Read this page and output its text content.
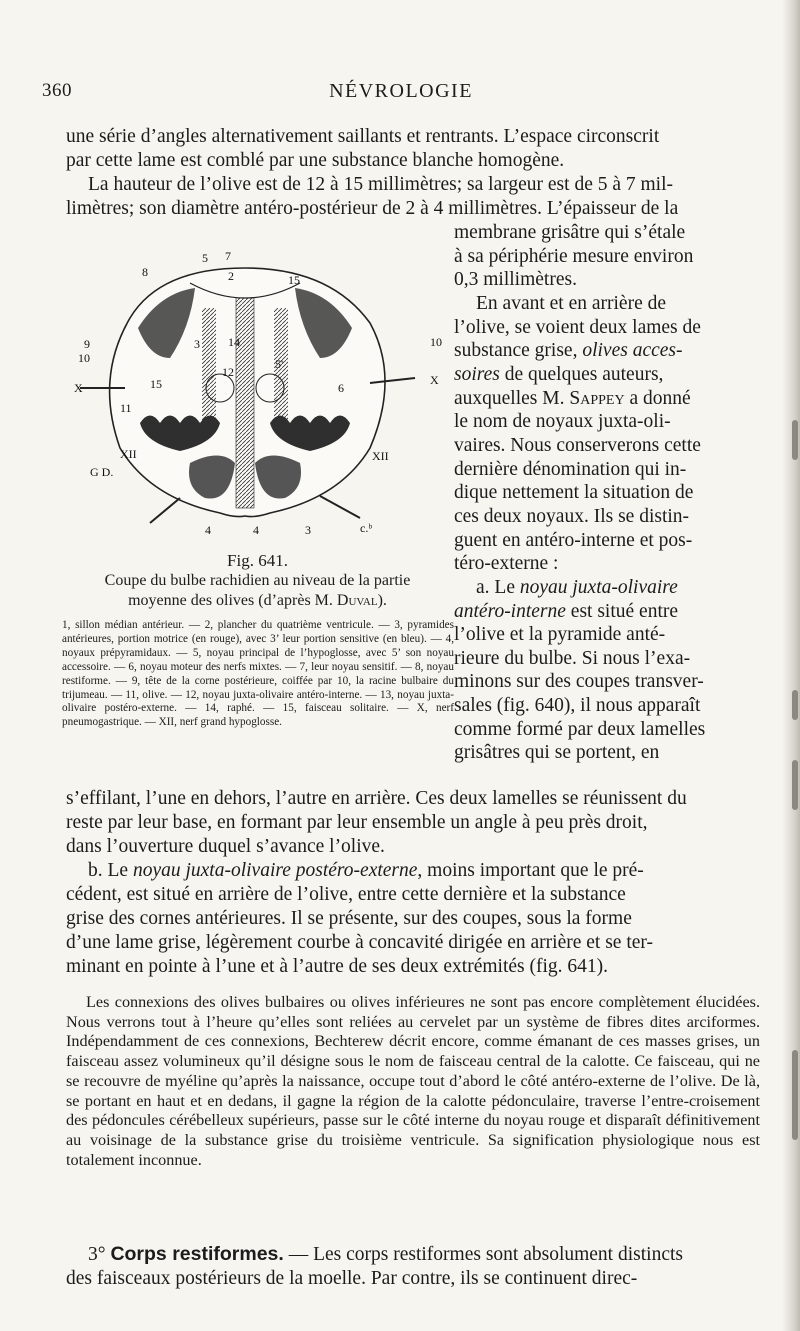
360	NÉVROLOGIE

une série d’angles alternativement saillants et rentrants. L’espace circonscrit

par cette lame est comblé par une substance blanche homogène.

La hauteur de l’olive est de 12 à 15 millimètres; sa largeur est de 5 à 7 mil-

limètres; son diamètre antéro-postérieur de 2 à 4 millimètres. L’épaisseur de la

membrane grisâtre qui s’étale
à sa périphérie mesure environ
0,3 millimètres.
En avant et en arrière de
l’olive, se voient deux lames de
substance grise, olives acces-
soires de quelques auteurs,
auxquelles M. Sappey a donné
le nom de noyaux juxta-oli-
vaires. Nous conserverons cette
dernière dénomination qui in-
dique nettement la situation de
ces deux noyaux. Ils se distin-
guent en antéro-interne et pos-
téro-externe :
a. Le noyau juxta-olivaire
antéro-interne est situé entre
l’olive et la pyramide anté-
rieure du bulbe. Si nous l’exa-
minons sur des coupes transver-
sales (fig. 640), il nous apparaît
comme formé par deux lamelles
grisâtres qui se portent, en
5 7
8	2	15
9
10
X
3 14
12
5'
15	6
11
XII	XII
G D.
4	4	3	c.ᵇ
10
X
Fig. 641.
Coupe du bulbe rachidien au niveau de la partie
moyenne des olives (d’après M. Duval).

1, sillon médian antérieur. — 2, plancher du quatrième ventricule. — 3, pyramides antérieures, portion motrice (en rouge), avec 3’ leur portion sensitive (en bleu). — 4, noyaux prépyramidaux. — 5, noyau principal de l’hypoglosse, avec 5’ son noyau accessoire. — 6, noyau moteur des nerfs mixtes. — 7, leur noyau sensitif. — 8, noyau restiforme. — 9, tête de la corne postérieure, coiffée par 10, la racine bulbaire du trijumeau. — 11, olive. — 12, noyau juxta-olivaire antéro-interne. — 13, noyau juxta-olivaire postéro-externe. — 14, raphé. — 15, faisceau solitaire. — X, nerf pneumogastrique. — XII, nerf grand hypoglosse.

s’effilant, l’une en dehors, l’autre en arrière. Ces deux lamelles se réunissent du

reste par leur base, en formant par leur ensemble un angle à peu près droit,

dans l’ouverture duquel s’avance l’olive.

b. Le noyau juxta-olivaire postéro-externe, moins important que le pré-

cédent, est situé en arrière de l’olive, entre cette dernière et la substance

grise des cornes antérieures. Il se présente, sur des coupes, sous la forme

d’une lame grise, légèrement courbe à concavité dirigée en arrière et se ter-

minant en pointe à l’une et à l’autre de ses deux extrémités (fig. 641).

Les connexions des olives bulbaires ou olives inférieures ne sont pas encore complètement élucidées. Nous verrons tout à l’heure qu’elles sont reliées au cervelet par un système de fibres dites arciformes. Indépendamment de ces connexions, Bechterew décrit encore, comme émanant de ces masses grises, un faisceau assez volumineux qu’il désigne sous le nom de faisceau central de la calotte. Ce faisceau, qui ne se recouvre de myéline qu’après la naissance, occupe tout d’abord le côté antéro-externe de l’olive. De là, se portant en haut et en dedans, il gagne la région de la calotte pédonculaire, traverse l’entre-croisement des pédoncules cérébelleux supérieurs, passe sur le côté interne du noyau rouge et disparaît définitivement au voisinage de la substance grise du troisième ventricule. Sa signification physiologique nous est totalement inconnue.

3° Corps restiformes. — Les corps restiformes sont absolument distincts

des faisceaux postérieurs de la moelle. Par contre, ils se continuent direc-
